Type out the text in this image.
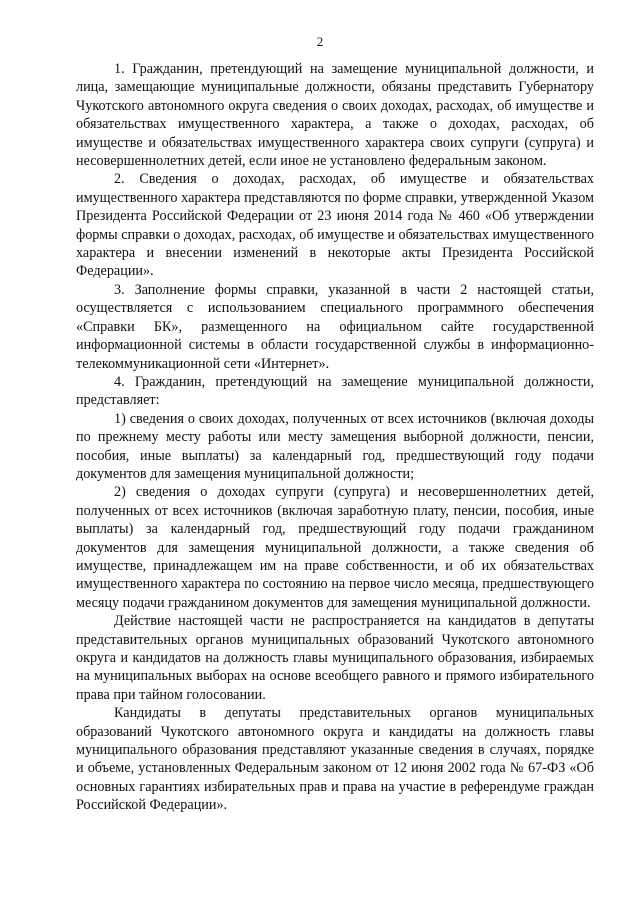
2

1. Гражданин, претендующий на замещение муниципальной должности, и лица, замещающие муниципальные должности, обязаны представить Губернатору Чукотского автономного округа сведения о своих доходах, расходах, об имуществе и обязательствах имущественного характера, а также о доходах, расходах, об имуществе и обязательствах имущественного характера своих супруги (супруга) и несовершеннолетних детей, если иное не установлено федеральным законом.

2. Сведения о доходах, расходах, об имуществе и обязательствах имущественного характера представляются по форме справки, утвержденной Указом Президента Российской Федерации от 23 июня 2014 года № 460 «Об утверждении формы справки о доходах, расходах, об имуществе и обязательствах имущественного характера и внесении изменений в некоторые акты Президента Российской Федерации».

3. Заполнение формы справки, указанной в части 2 настоящей статьи, осуществляется с использованием специального программного обеспечения «Справки БК», размещенного на официальном сайте государственной информационной системы в области государственной службы в информационно-телекоммуникационной сети «Интернет».

4. Гражданин, претендующий на замещение муниципальной должности, представляет:

1) сведения о своих доходах, полученных от всех источников (включая доходы по прежнему месту работы или месту замещения выборной должности, пенсии, пособия, иные выплаты) за календарный год, предшествующий году подачи документов для замещения муниципальной должности;

2) сведения о доходах супруги (супруга) и несовершеннолетних детей, полученных от всех источников (включая заработную плату, пенсии, пособия, иные выплаты) за календарный год, предшествующий году подачи гражданином документов для замещения муниципальной должности, а также сведения об имуществе, принадлежащем им на праве собственности, и об их обязательствах имущественного характера по состоянию на первое число месяца, предшествующего месяцу подачи гражданином документов для замещения муниципальной должности.

Действие настоящей части не распространяется на кандидатов в депутаты представительных органов муниципальных образований Чукотского автономного округа и кандидатов на должность главы муниципального образования, избираемых на муниципальных выборах на основе всеобщего равного и прямого избирательного права при тайном голосовании.

Кандидаты в депутаты представительных органов муниципальных образований Чукотского автономного округа и кандидаты на должность главы муниципального образования представляют указанные сведения в случаях, порядке и объеме, установленных Федеральным законом от 12 июня 2002 года № 67-ФЗ «Об основных гарантиях избирательных прав и права на участие в референдуме граждан Российской Федерации».
